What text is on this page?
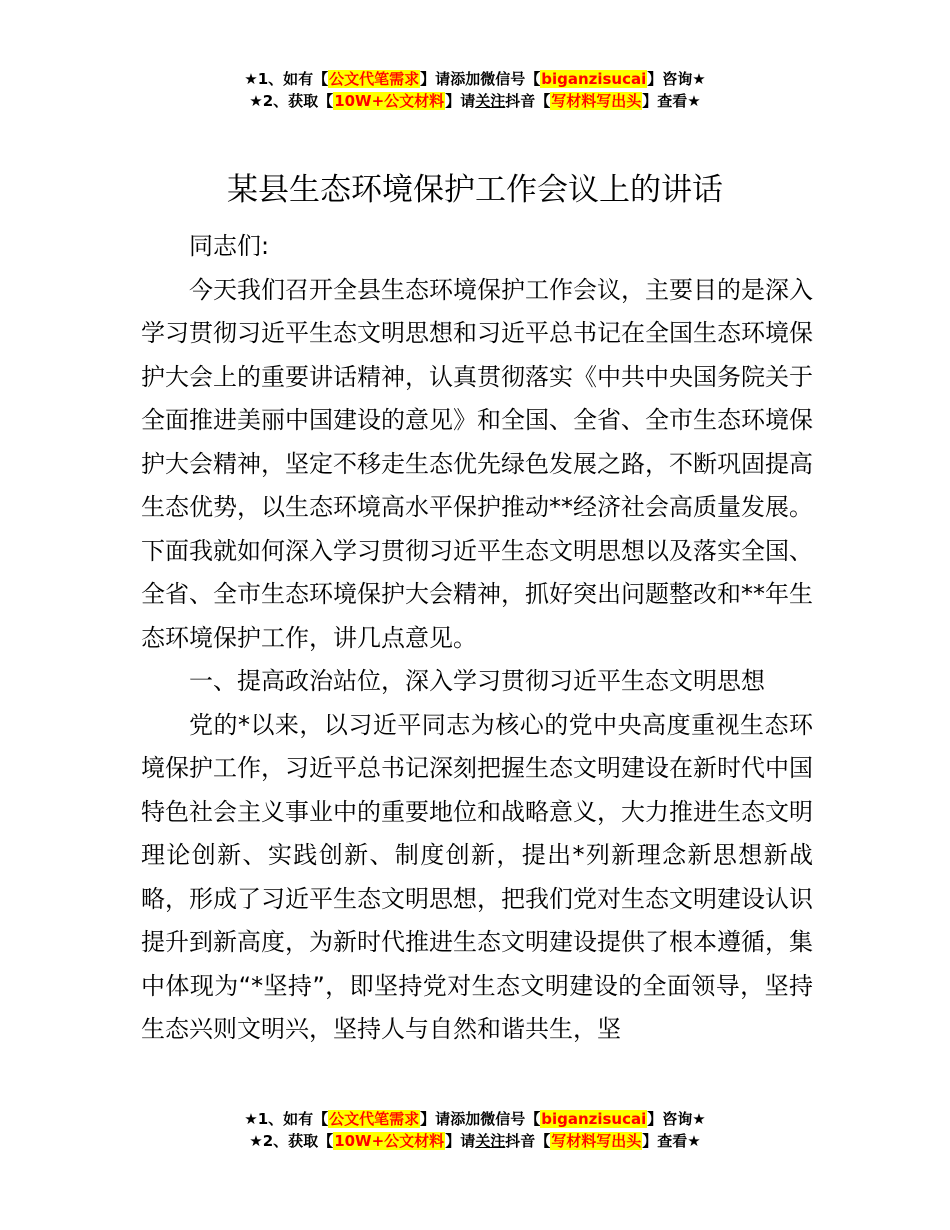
★1、如有【公文代笔需求】请添加微信号【biganzisucai】咨询★
★2、获取【10W+公文材料】请关注抖音【写材料写出头】查看★
某县生态环境保护工作会议上的讲话

同志们:

今天我们召开全县生态环境保护工作会议，主要目的是深入学习贯彻习近平生态文明思想和习近平总书记在全国生态环境保护大会上的重要讲话精神，认真贯彻落实《中共中央国务院关于全面推进美丽中国建设的意见》和全国、全省、全市生态环境保护大会精神，坚定不移走生态优先绿色发展之路，不断巩固提高生态优势，以生态环境高水平保护推动**经济社会高质量发展。下面我就如何深入学习贯彻习近平生态文明思想以及落实全国、全省、全市生态环境保护大会精神，抓好突出问题整改和**年生态环境保护工作，讲几点意见。

一、提高政治站位，深入学习贯彻习近平生态文明思想

党的*以来，以习近平同志为核心的党中央高度重视生态环境保护工作，习近平总书记深刻把握生态文明建设在新时代中国特色社会主义事业中的重要地位和战略意义，大力推进生态文明理论创新、实践创新、制度创新，提出*列新理念新思想新战略，形成了习近平生态文明思想，把我们党对生态文明建设认识提升到新高度，为新时代推进生态文明建设提供了根本遵循，集中体现为“*坚持”，即坚持党对生态文明建设的全面领导，坚持生态兴则文明兴，坚持人与自然和谐共生，坚

★1、如有【公文代笔需求】请添加微信号【biganzisucai】咨询★
★2、获取【10W+公文材料】请关注抖音【写材料写出头】查看★
